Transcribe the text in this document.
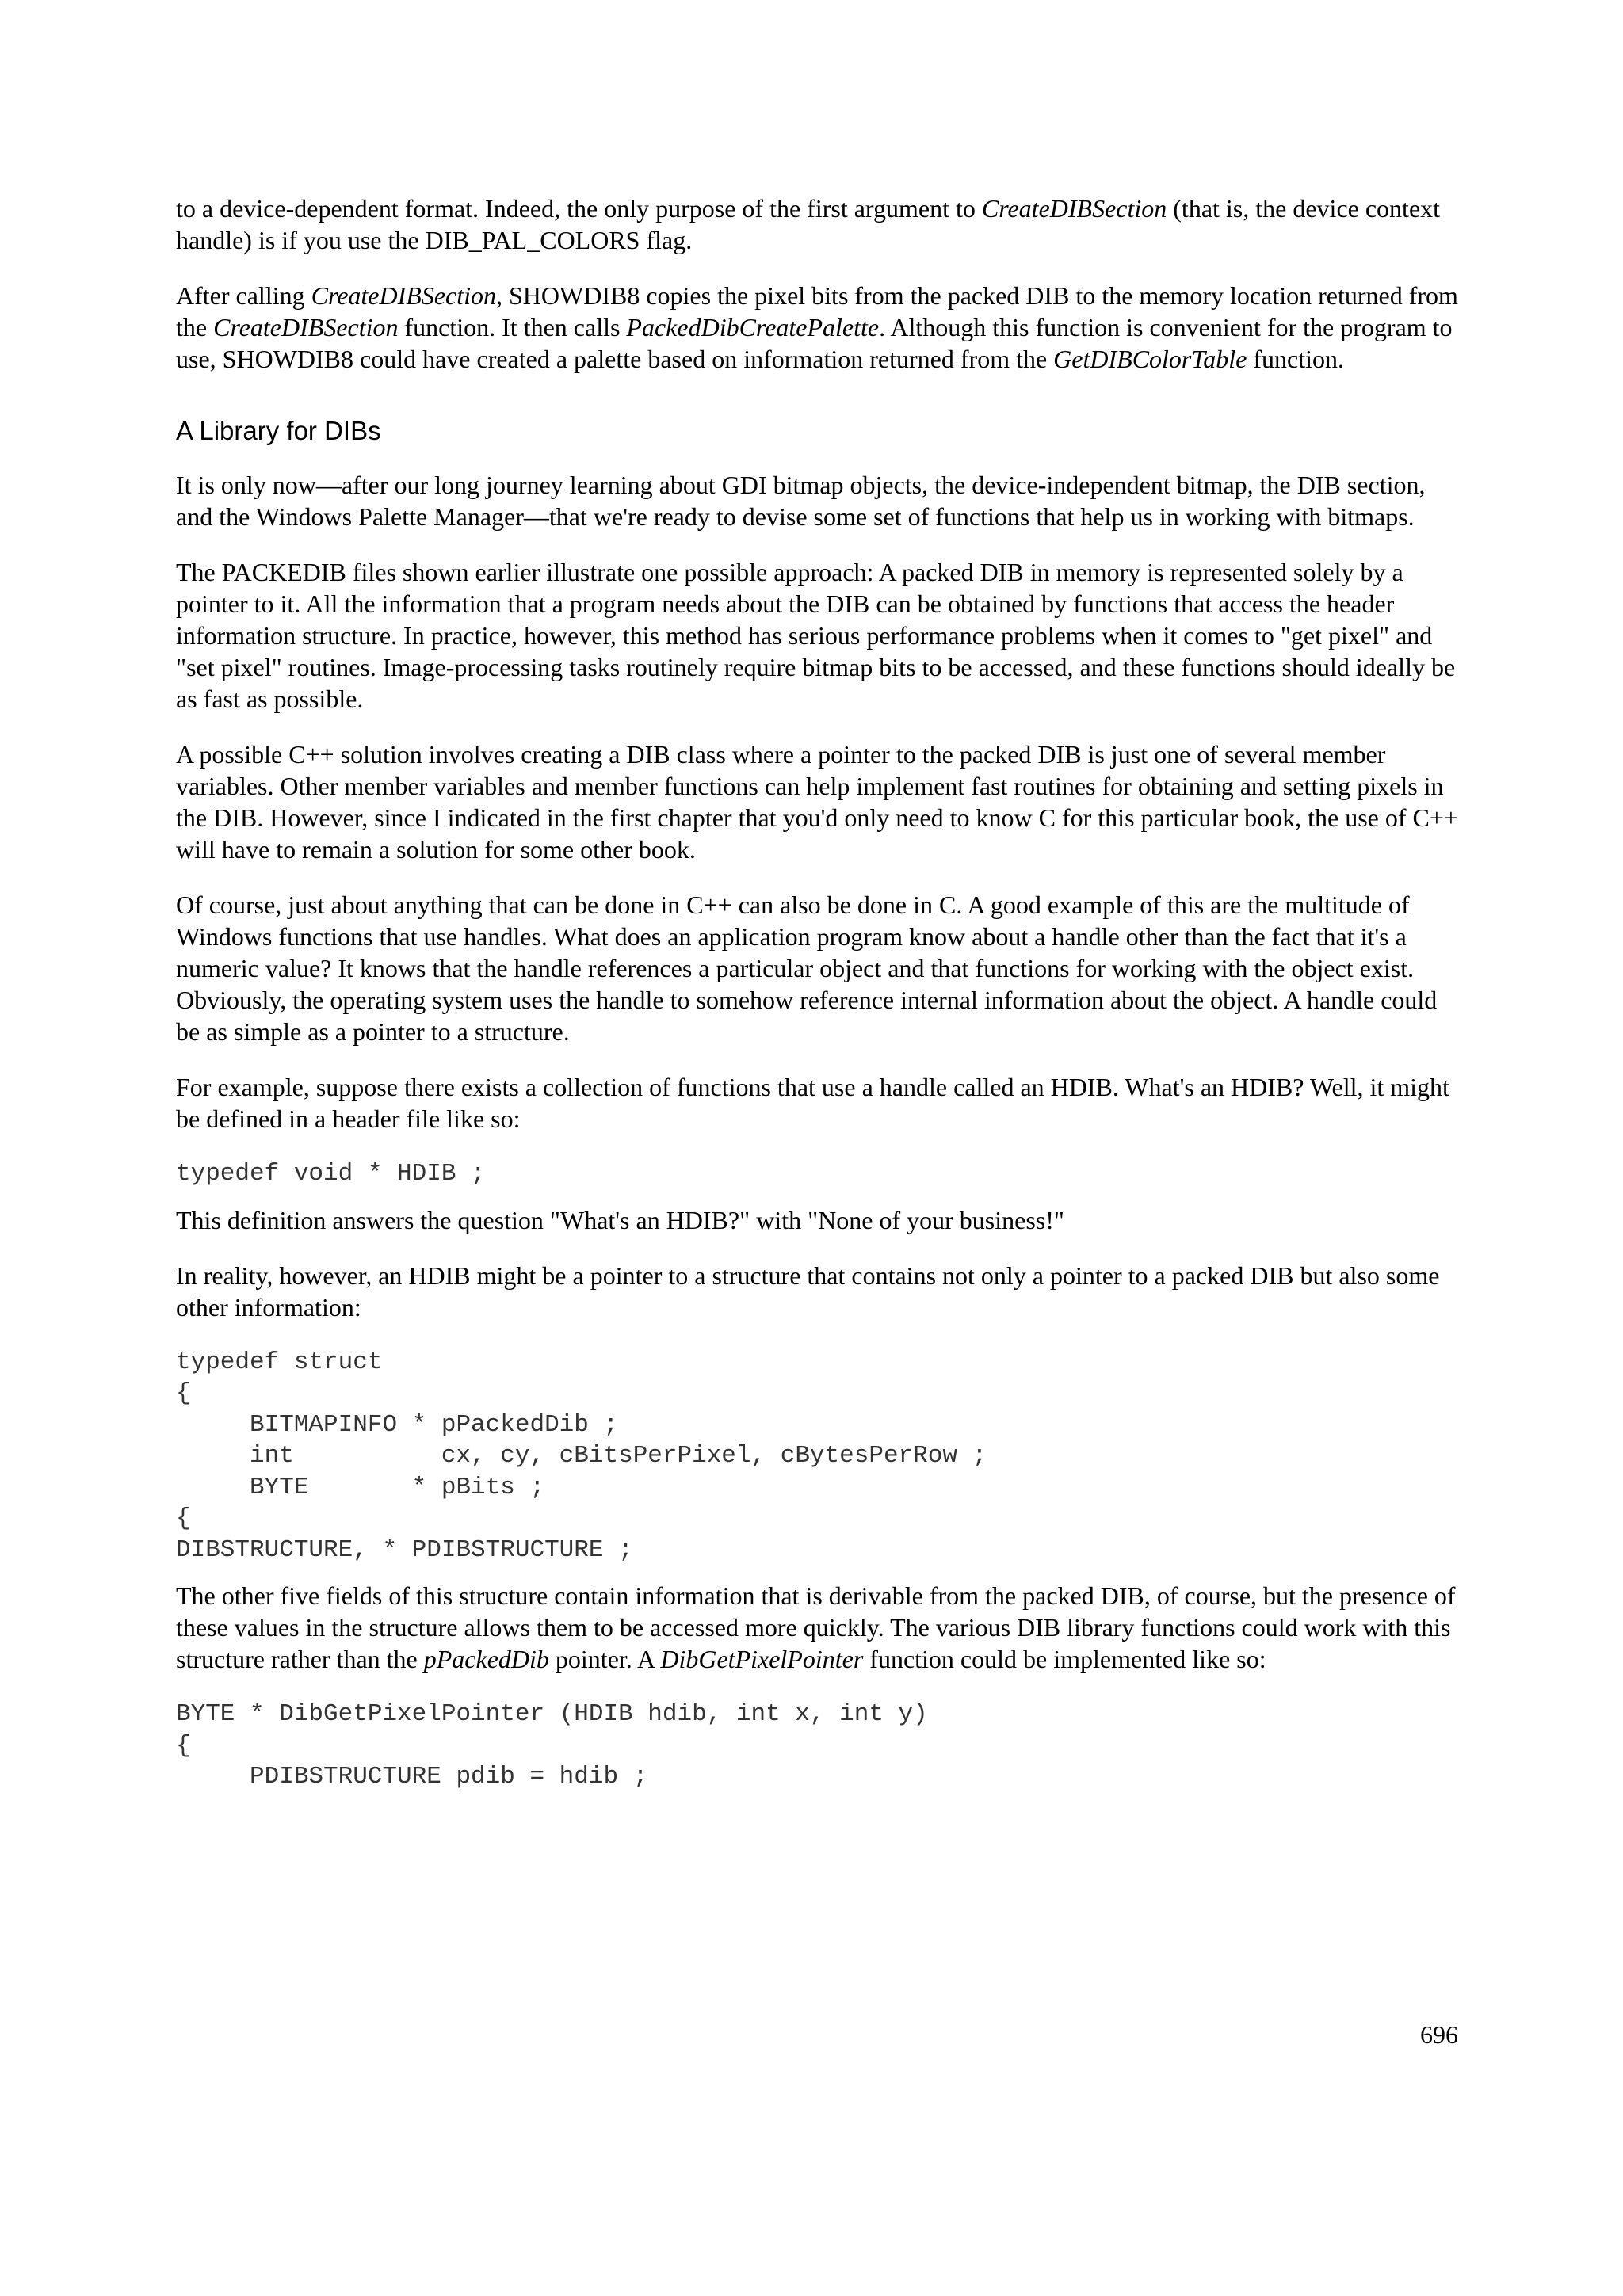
to a device-dependent format. Indeed, the only purpose of the first argument to CreateDIBSection (that is, the device context handle) is if you use the DIB_PAL_COLORS flag.

After calling CreateDIBSection, SHOWDIB8 copies the pixel bits from the packed DIB to the memory location returned from the CreateDIBSection function. It then calls PackedDibCreatePalette. Although this function is convenient for the program to use, SHOWDIB8 could have created a palette based on information returned from the GetDIBColorTable function.

A Library for DIBs

It is only now—after our long journey learning about GDI bitmap objects, the device-independent bitmap, the DIB section, and the Windows Palette Manager—that we're ready to devise some set of functions that help us in working with bitmaps.

The PACKEDIB files shown earlier illustrate one possible approach: A packed DIB in memory is represented solely by a pointer to it. All the information that a program needs about the DIB can be obtained by functions that access the header information structure. In practice, however, this method has serious performance problems when it comes to "get pixel" and "set pixel" routines. Image-processing tasks routinely require bitmap bits to be accessed, and these functions should ideally be as fast as possible.

A possible C++ solution involves creating a DIB class where a pointer to the packed DIB is just one of several member variables. Other member variables and member functions can help implement fast routines for obtaining and setting pixels in the DIB. However, since I indicated in the first chapter that you'd only need to know C for this particular book, the use of C++ will have to remain a solution for some other book.

Of course, just about anything that can be done in C++ can also be done in C. A good example of this are the multitude of Windows functions that use handles. What does an application program know about a handle other than the fact that it's a numeric value? It knows that the handle references a particular object and that functions for working with the object exist. Obviously, the operating system uses the handle to somehow reference internal information about the object. A handle could be as simple as a pointer to a structure.

For example, suppose there exists a collection of functions that use a handle called an HDIB. What's an HDIB? Well, it might be defined in a header file like so:

typedef void * HDIB ;

This definition answers the question "What's an HDIB?" with "None of your business!"

In reality, however, an HDIB might be a pointer to a structure that contains not only a pointer to a packed DIB but also some other information:

typedef struct
{
BITMAPINFO * pPackedDib ;
int          cx, cy, cBitsPerPixel, cBytesPerRow ;
BYTE       * pBits ;
{
DIBSTRUCTURE, * PDIBSTRUCTURE ;

The other five fields of this structure contain information that is derivable from the packed DIB, of course, but the presence of these values in the structure allows them to be accessed more quickly. The various DIB library functions could work with this structure rather than the pPackedDib pointer. A DibGetPixelPointer function could be implemented like so:

BYTE * DibGetPixelPointer (HDIB hdib, int x, int y)
{
PDIBSTRUCTURE pdib = hdib ;
696
